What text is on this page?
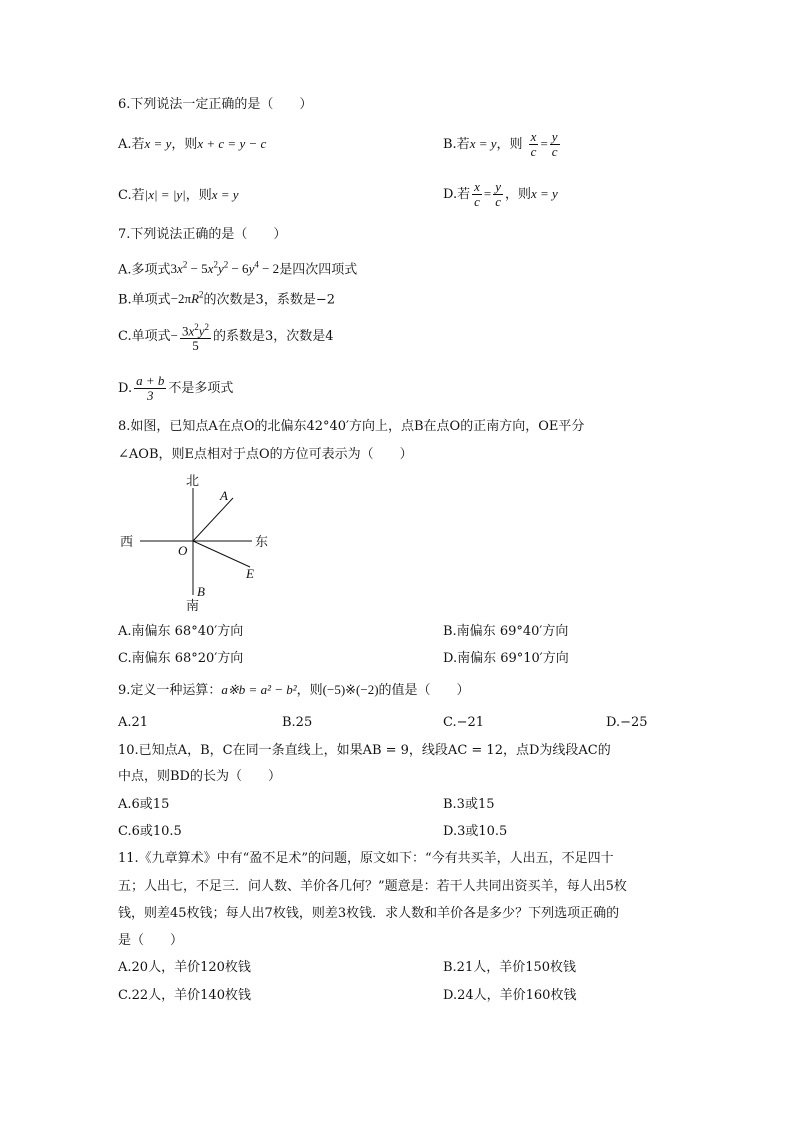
6.下列说法一定正确的是（　　）
A.若x = y，则x + c = y − c	B.若x = y，则 $\frac{x}{c} = \frac{y}{c}$
C.若|x| = |y|，则x = y	D.若 $\frac{x}{c} = \frac{y}{c}$ ，则x = y
7.下列说法正确的是（　　）
A.多项式$3x^2 - 5x^2y^2 - 6y^4 - 2$是四次四项式
B.单项式$-2\pi R^2$的次数是3，系数是−2
C.单项式− $\frac{3x^2y^2}{5}$ 的系数是3，次数是4
D. $\frac{a + b}{3}$ 不是多项式
8.如图，已知点A在点O的北偏东42°40′方向上，点B在点O的正南方向，OE平分
∠AOB，则E点相对于点O的方位可表示为（　　）
北
南
西	东
O
A
B
E
A.南偏东 68°40′方向	B.南偏东 69°40′方向
C.南偏东 68°20′方向	D.南偏东 69°10′方向
9.定义一种运算：a※b = a² − b²，则(−5)※(−2)的值是（　　）
A.21	B.25	C.−21	D.−25
10.已知点A，B，C在同一条直线上，如果AB = 9，线段AC = 12，点D为线段AC的
中点，则BD的长为（　　）
A.6或15	B.3或15
C.6或10.5	D.3或10.5
11.《九章算术》中有“盈不足术”的问题，原文如下：“今有共买羊，人出五，不足四十
五；人出七，不足三．问人数、羊价各几何？”题意是：若干人共同出资买羊，每人出5枚
钱，则差45枚钱；每人出7枚钱，则差3枚钱．求人数和羊价各是多少？下列选项正确的
是（　　）
A.20人，羊价120枚钱	B.21人，羊价150枚钱
C.22人，羊价140枚钱	D.24人，羊价160枚钱
